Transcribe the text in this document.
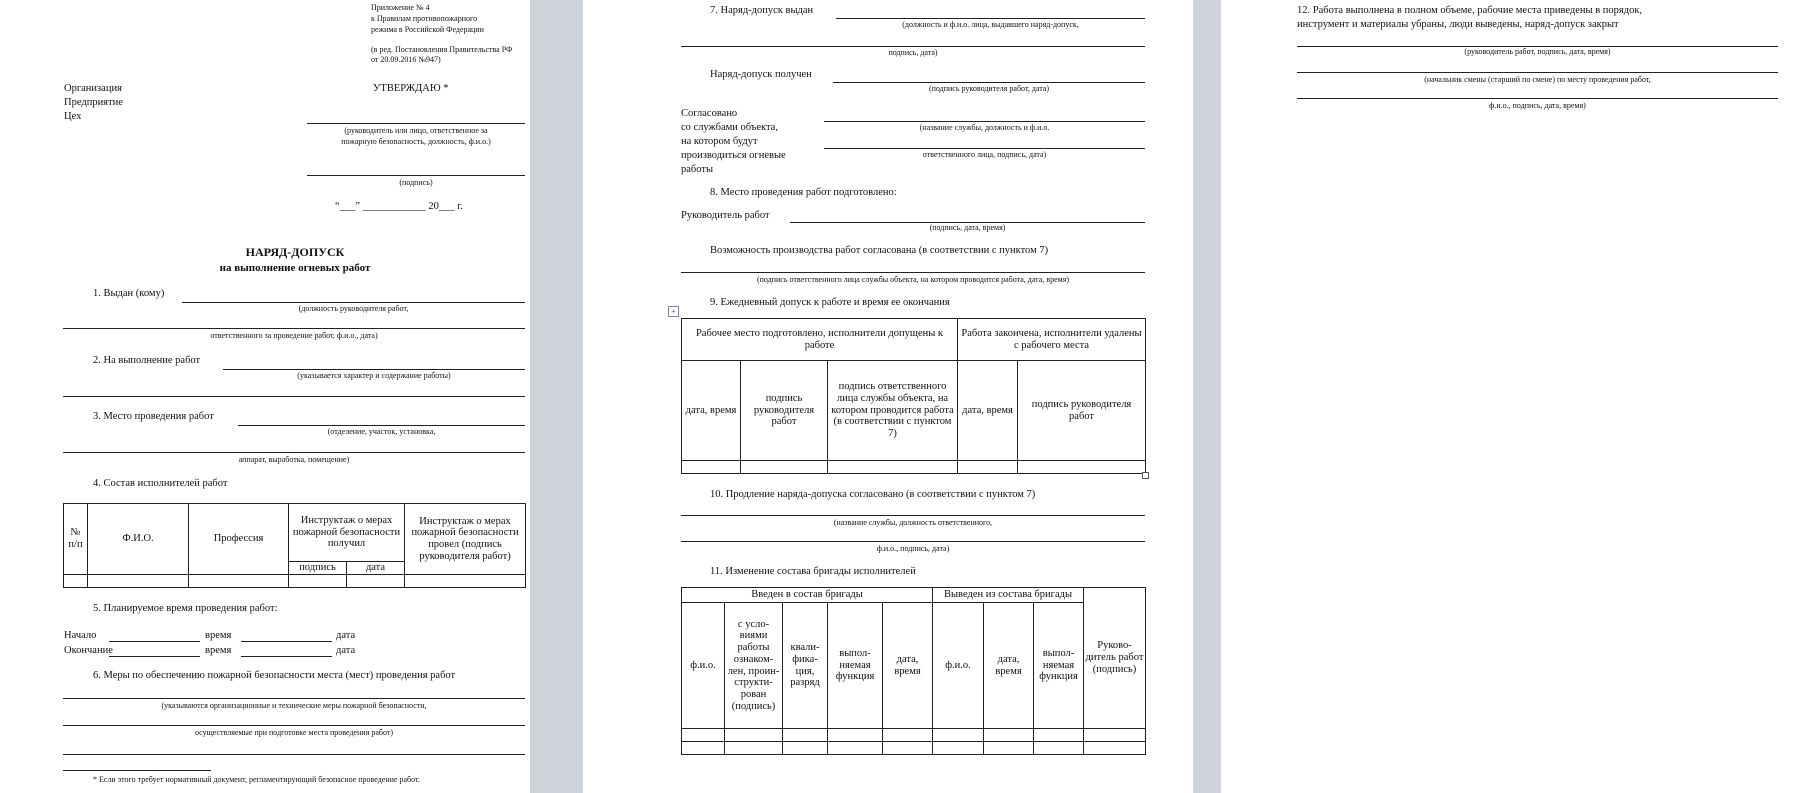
Приложение № 4
к Правилам противопожарного
режима в Российской Федерации
(в ред. Постановления Правительства РФ
от 20.09.2016 №947)
Организация
Предприятие
Цех
УТВЕРЖДАЮ *
(руководитель или лицо, ответственное за
пожарную безопасность, должность, ф.и.о.)
(подпись)
“___” ____________ 20___ г.
НАРЯД-ДОПУСК
на выполнение огневых работ
1. Выдан (кому)
(должность руководителя работ,
ответственного за проведение работ, ф.и.о., дата)
2. На выполнение работ
(указывается характер и содержание работы)
3. Место проведения работ
(отделение, участок, установка,
аппарат, выработка, помещение)
4. Состав исполнителей работ
№ п/п	Ф.И.О.	Профессия	Инструктаж о мерах пожарной безопасности получил		Инструктаж о мерах пожарной безопасности провел (подпись руководителя работ)
			подпись	дата	

5. Планируемое время проведения работ:
Начало	время	дата
Окончание	время	дата
6. Меры по обеспечению пожарной безопасности места (мест) проведения работ
(указываются организационные и технические меры пожарной безопасности,
осуществляемые при подготовке места проведения работ)
* Если этого требует нормативный документ, регламентирующий безопасное проведение работ.
7. Наряд-допуск выдан
(должность и ф.и.о. лица, выдавшего наряд-допуск,
подпись, дата)
Наряд-допуск получен
(подпись руководителя работ, дата)
Согласовано
со службами объекта,
на котором будут
производиться огневые
работы
(название службы, должность и ф.и.о.
ответственного лица, подпись, дата)
8. Место проведения работ подготовлено:
Руководитель работ
(подпись, дата, время)
Возможность производства работ согласована (в соответствии с пунктом 7)
(подпись ответственного лица службы объекта, на котором проводится работа, дата, время)
9. Ежедневный допуск к работе и время ее окончания
+
Рабочее место подготовлено, исполнители допущены к работе			Работа закончена, исполнители удалены с рабочего места	
дата, время	подпись руководителя работ	подпись ответственного лица службы объекта, на котором проводится работа (в соответствии с пунктом 7)	дата, время	подпись руководителя работ

10. Продление наряда-допуска согласовано (в соответствии с пунктом 7)
(название службы, должность ответственного,
ф.и.о., подпись, дата)
11. Изменение состава бригады исполнителей
Введен в состав бригады					Выведен из состава бригады			Руково-дитель работ (подпись)
ф.и.о.	с усло-виями работы ознаком-лен, проин-структи-рован (подпись)	квали-фика-ция, разряд	выпол-няемая функция	дата, время	ф.и.о.	дата, время	выпол-няемая функция	

12. Работа выполнена в полном объеме, рабочие места приведены в порядок,
инструмент и материалы убраны, люди выведены, наряд-допуск закрыт
(руководитель работ, подпись, дата, время)
(начальник смены (старший по смене) по месту проведения работ,
ф.и.о., подпись, дата, время)
